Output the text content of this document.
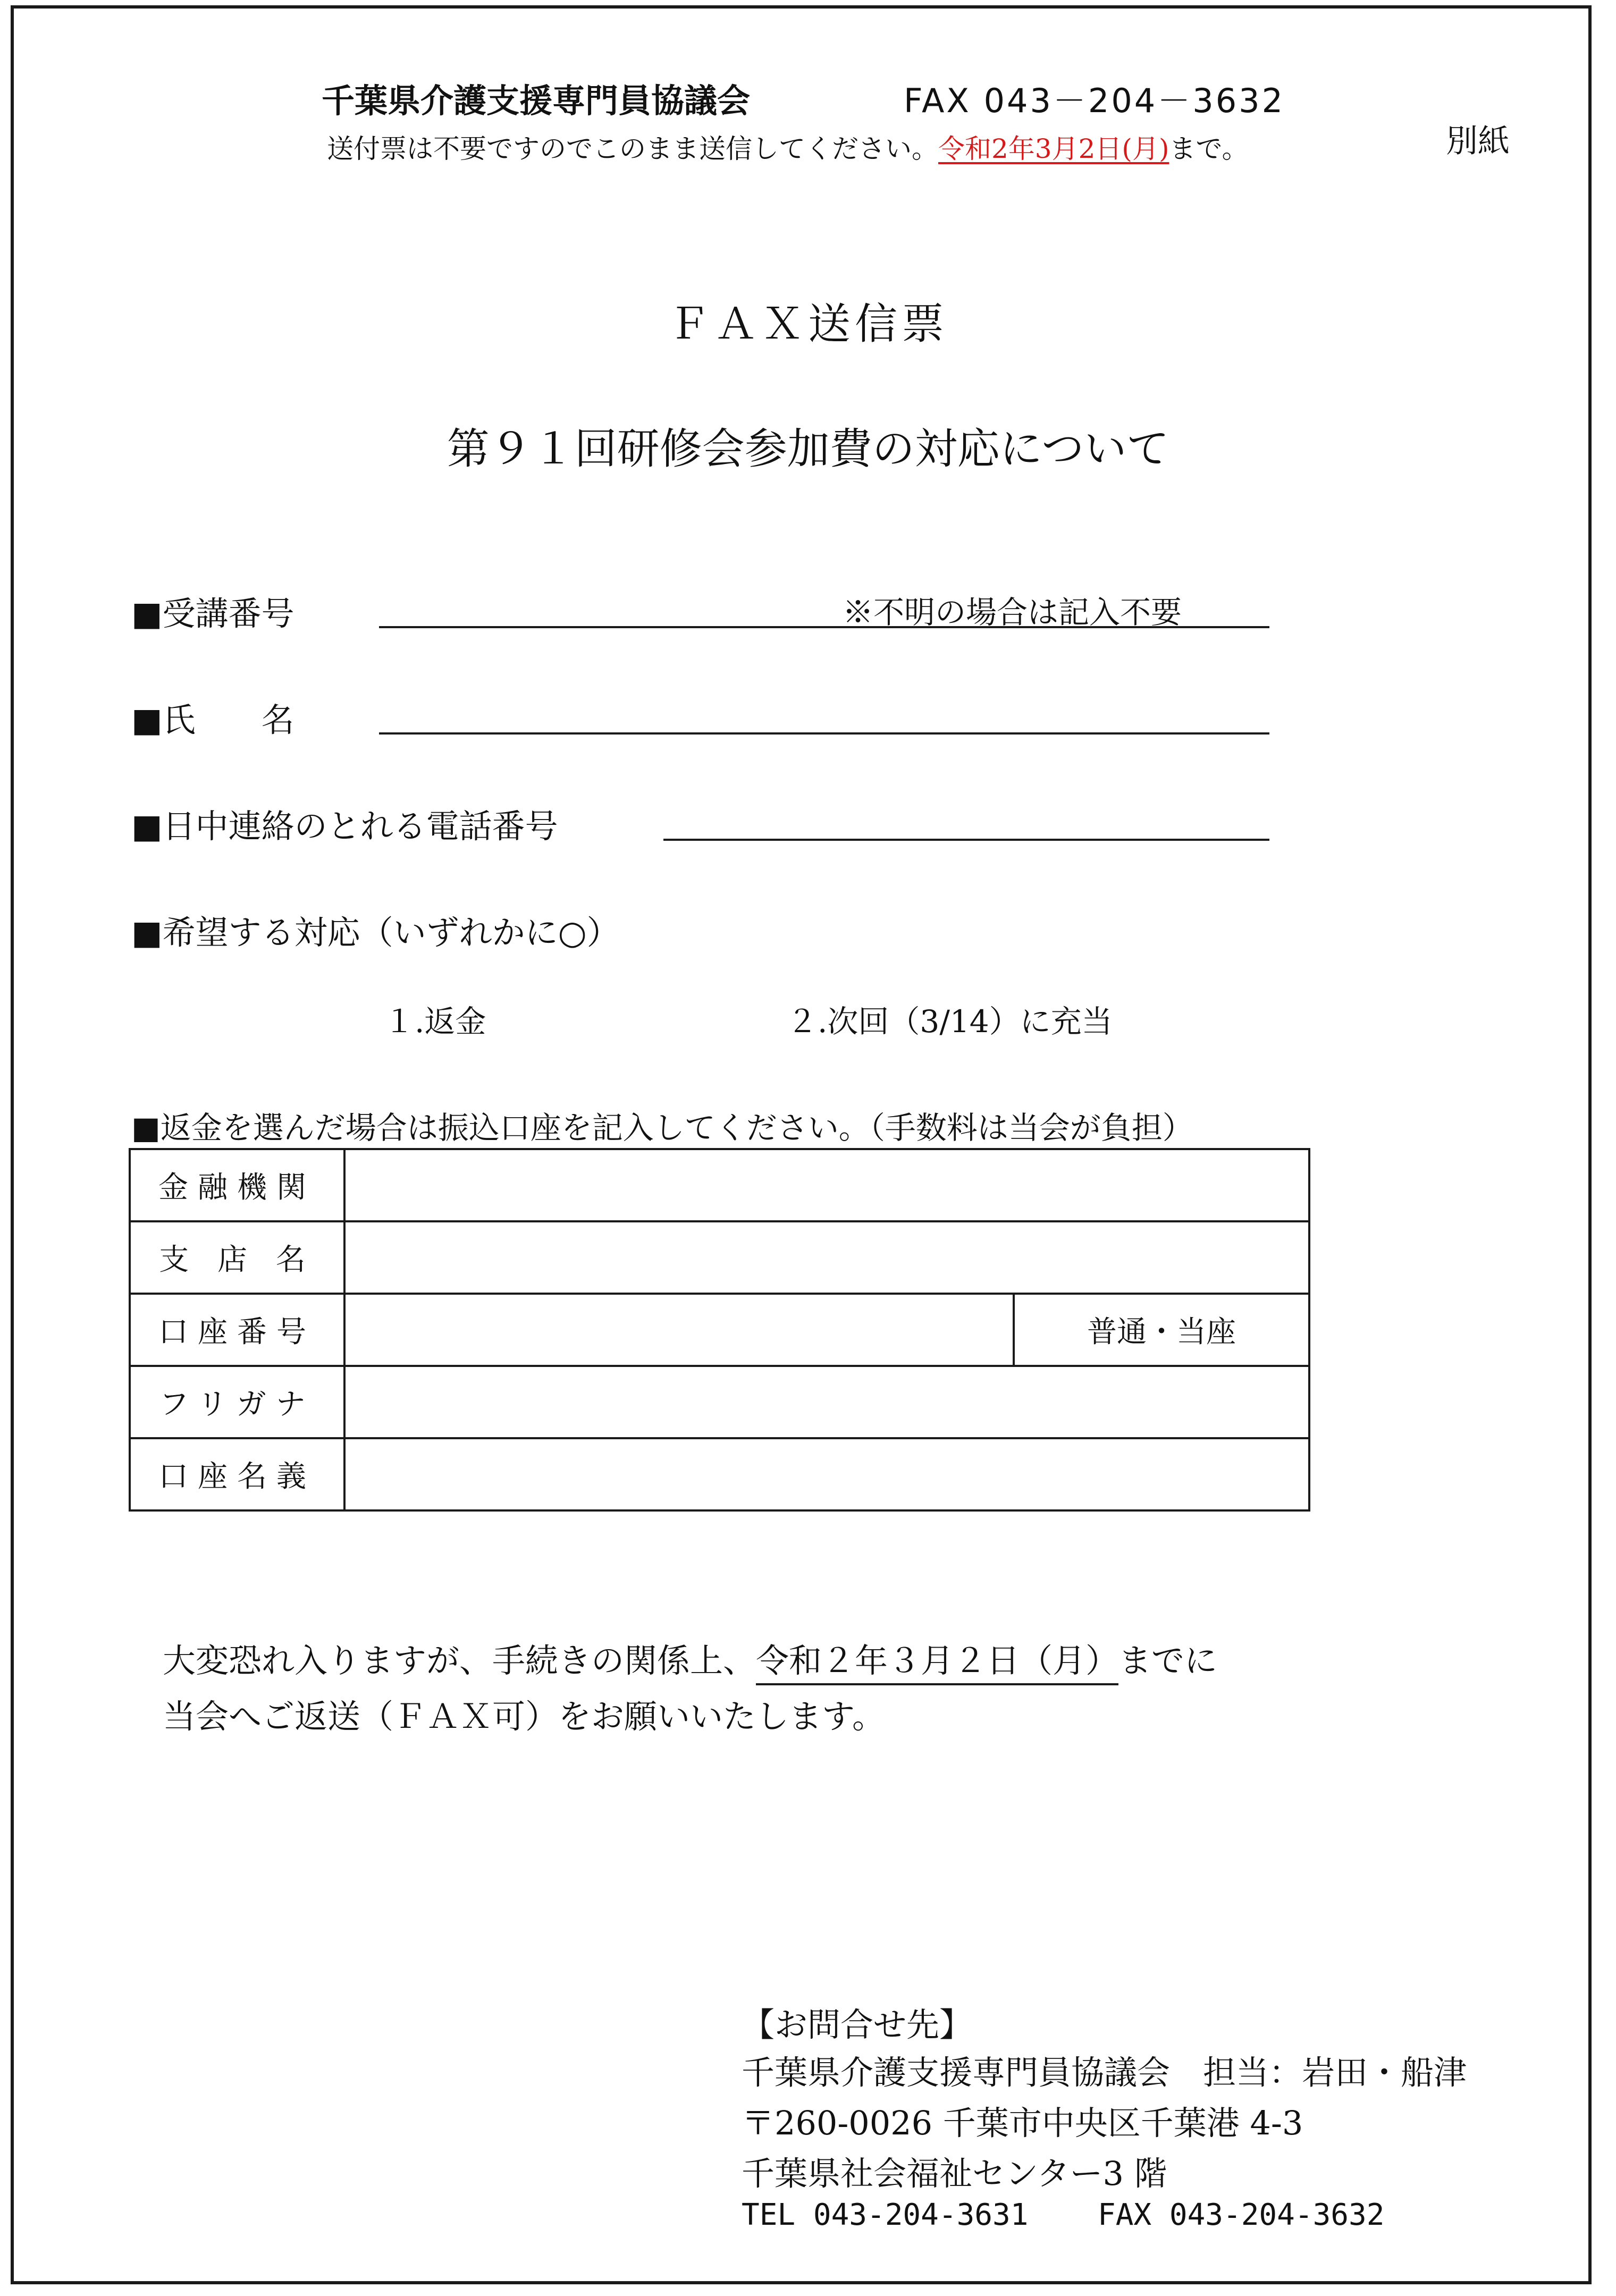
千葉県介護支援専門員協議会	FAX 043－204－3632
送付票は不要ですのでこのまま送信してください。令和2年3月2日(月)まで。	別紙
ＦＡＸ送信票
第９１回研修会参加費の対応について
■受講番号	※不明の場合は記入不要
■氏　　名
■日中連絡のとれる電話番号
■希望する対応（いずれかに○）
１.返金	２.次回（3/14）に充当
■返金を選んだ場合は振込口座を記入してください。（手数料は当会が負担）
金融機関		
支 店 名		
口座番号		普通・当座
フリガナ		
口座名義		
大変恐れ入りますが、手続きの関係上、令和２年３月２日（月）までに
当会へご返送（ＦＡＸ可）をお願いいたします。
【お問合せ先】
千葉県介護支援専門員協議会　担当：岩田・船津
〒260-0026 千葉市中央区千葉港 4-3
千葉県社会福祉センター3 階
TEL 043-204-3631 FAX 043-204-3632
